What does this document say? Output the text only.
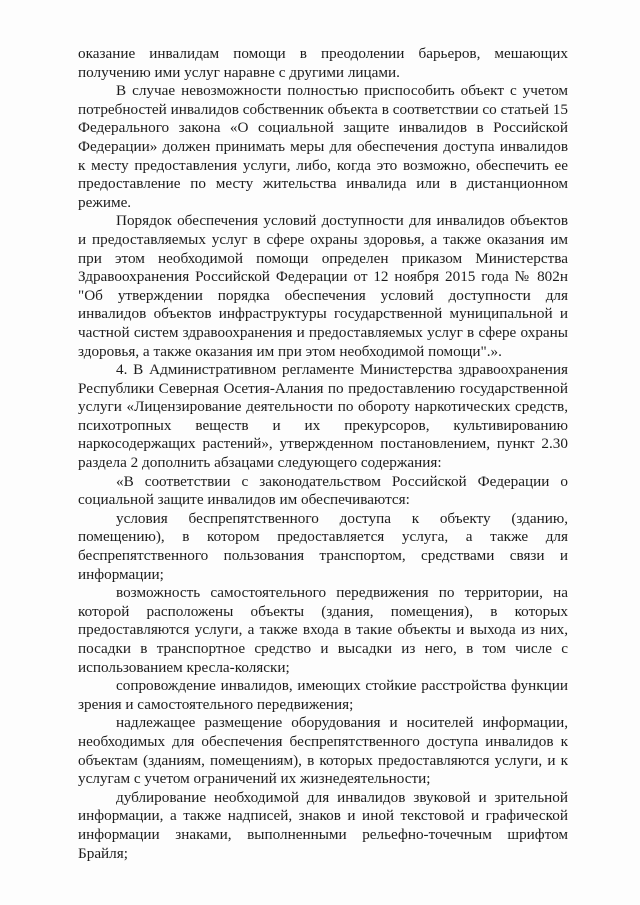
оказание инвалидам помощи в преодолении барьеров, мешающих получению ими услуг наравне с другими лицами.

В случае невозможности полностью приспособить объект с учетом потребностей инвалидов собственник объекта в соответствии со статьей 15 Федерального закона «О социальной защите инвалидов в Российской Федерации» должен принимать меры для обеспечения доступа инвалидов к месту предоставления услуги, либо, когда это возможно, обеспечить ее предоставление по месту жительства инвалида или в дистанционном режиме.

Порядок обеспечения условий доступности для инвалидов объектов и предоставляемых услуг в сфере охраны здоровья, а также оказания им при этом необходимой помощи определен приказом Министерства Здравоохранения Российской Федерации от 12 ноября 2015 года № 802н "Об утверждении порядка обеспечения условий доступности для инвалидов объектов инфраструктуры государственной муниципальной и частной систем здравоохранения и предоставляемых услуг в сфере охраны здоровья, а также оказания им при этом необходимой помощи".».

4. В Административном регламенте Министерства здравоохранения Республики Северная Осетия-Алания по предоставлению государственной услуги «Лицензирование деятельности по обороту наркотических средств, психотропных веществ и их прекурсоров, культивированию наркосодержащих растений», утвержденном постановлением, пункт 2.30 раздела 2 дополнить абзацами следующего содержания:

«В соответствии с законодательством Российской Федерации о социальной защите инвалидов им обеспечиваются:

условия беспрепятственного доступа к объекту (зданию, помещению), в котором предоставляется услуга, а также для беспрепятственного пользования транспортом, средствами связи и информации;

возможность самостоятельного передвижения по территории, на которой расположены объекты (здания, помещения), в которых предоставляются услуги, а также входа в такие объекты и выхода из них, посадки в транспортное средство и высадки из него, в том числе с использованием кресла-коляски;

сопровождение инвалидов, имеющих стойкие расстройства функции зрения и самостоятельного передвижения;

надлежащее размещение оборудования и носителей информации, необходимых для обеспечения беспрепятственного доступа инвалидов к объектам (зданиям, помещениям), в которых предоставляются услуги, и к услугам с учетом ограничений их жизнедеятельности;

дублирование необходимой для инвалидов звуковой и зрительной информации, а также надписей, знаков и иной текстовой и графической информации знаками, выполненными рельефно-точечным шрифтом Брайля;
